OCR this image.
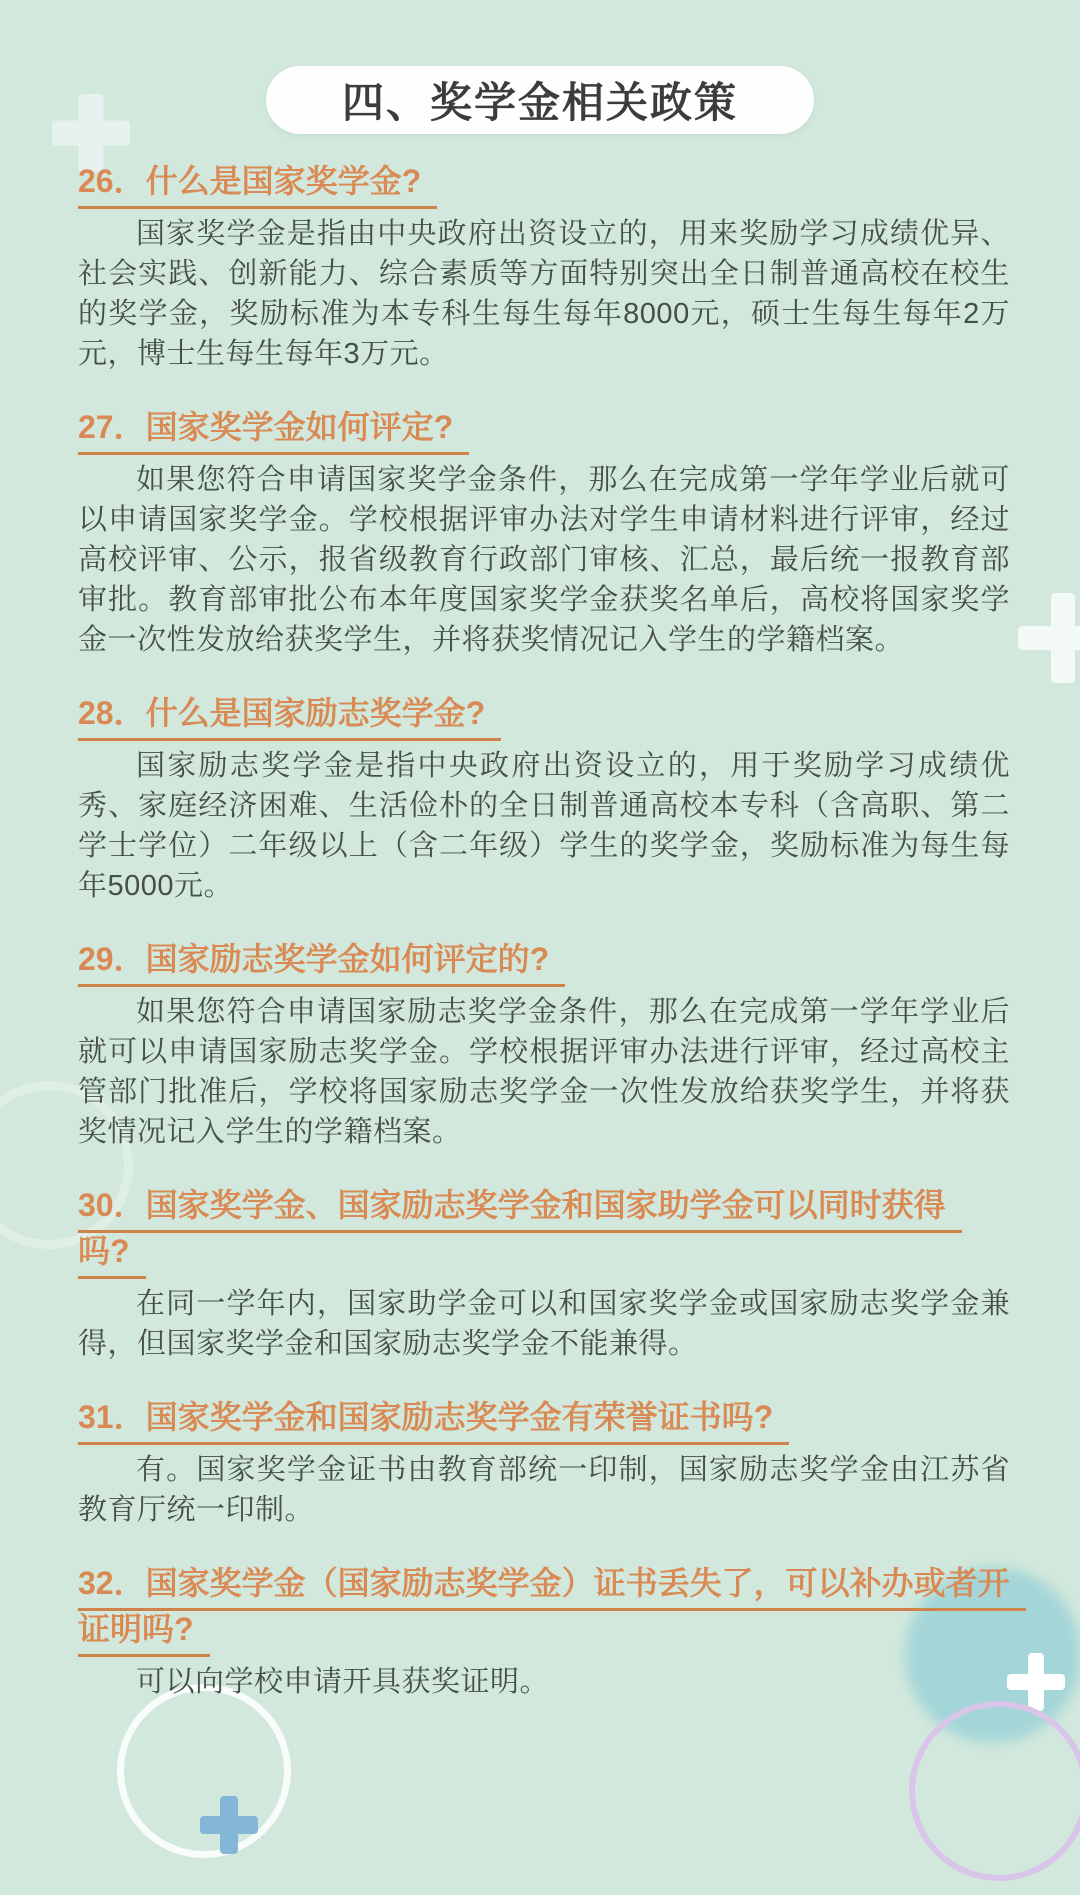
四、奖学金相关政策
26．什么是国家奖学金?

国家奖学金是指由中央政府出资设立的，用来奖励学习成绩优异、社会实践、创新能力、综合素质等方面特别突出全日制普通高校在校生的奖学金，奖励标准为本专科生每生每年8000元，硕士生每生每年2万元，博士生每生每年3万元。

27．国家奖学金如何评定?

如果您符合申请国家奖学金条件，那么在完成第一学年学业后就可以申请国家奖学金。学校根据评审办法对学生申请材料进行评审，经过高校评审、公示，报省级教育行政部门审核、汇总，最后统一报教育部审批。教育部审批公布本年度国家奖学金获奖名单后，高校将国家奖学金一次性发放给获奖学生，并将获奖情况记入学生的学籍档案。

28．什么是国家励志奖学金?

国家励志奖学金是指中央政府出资设立的，用于奖励学习成绩优秀、家庭经济困难、生活俭朴的全日制普通高校本专科（含高职、第二学士学位）二年级以上（含二年级）学生的奖学金，奖励标准为每生每年5000元。

29．国家励志奖学金如何评定的?

如果您符合申请国家励志奖学金条件，那么在完成第一学年学业后就可以申请国家励志奖学金。学校根据评审办法进行评审，经过高校主管部门批准后，学校将国家励志奖学金一次性发放给获奖学生，并将获奖情况记入学生的学籍档案。

30．国家奖学金、国家励志奖学金和国家助学金可以同时获得吗?

在同一学年内，国家助学金可以和国家奖学金或国家励志奖学金兼得，但国家奖学金和国家励志奖学金不能兼得。

31．国家奖学金和国家励志奖学金有荣誉证书吗?

有。国家奖学金证书由教育部统一印制，国家励志奖学金由江苏省教育厅统一印制。

32．国家奖学金（国家励志奖学金）证书丢失了，可以补办或者开证明吗?

可以向学校申请开具获奖证明。
